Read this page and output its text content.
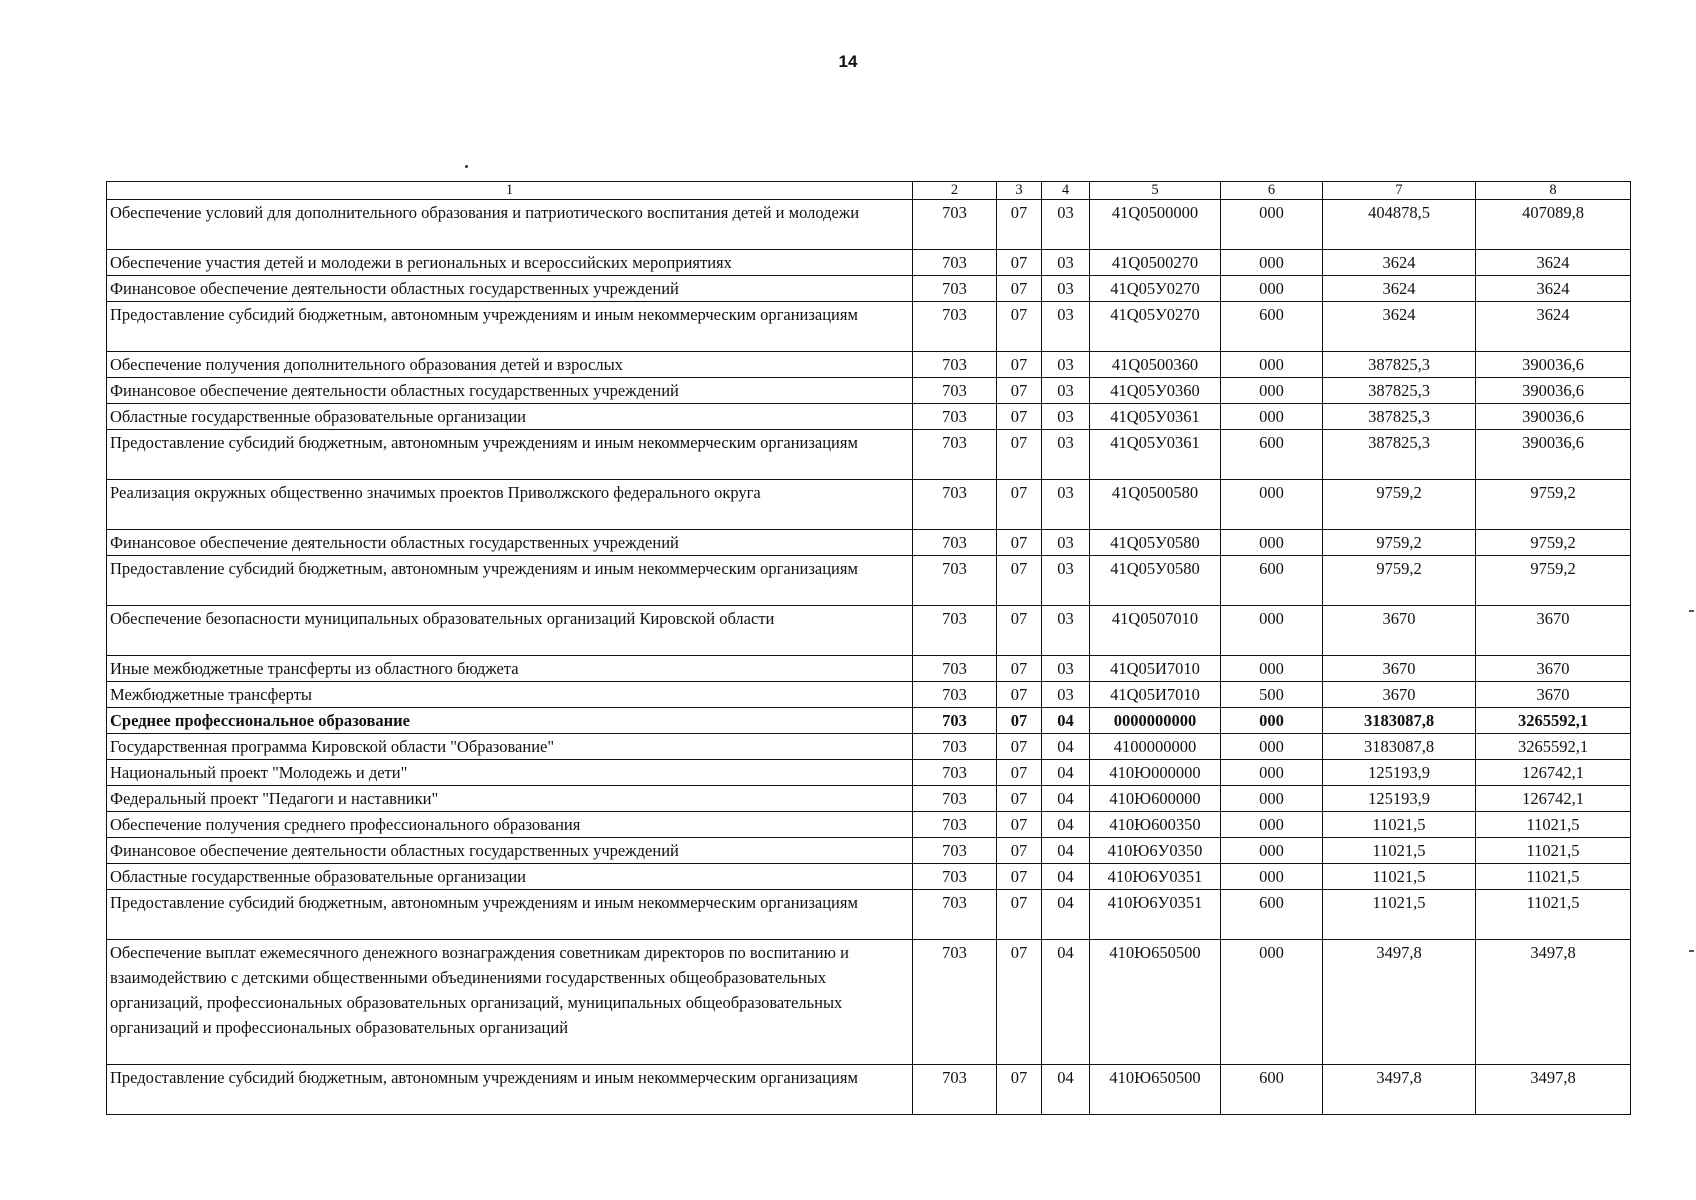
14
1	2	3	4	5	6	7	8
Обеспечение условий для дополнительного образования и патриотического воспитания детей и молодежи	703	07	03	41Q0500000	000	404878,5	407089,8
Обеспечение участия детей и молодежи в региональных и всероссийских мероприятиях	703	07	03	41Q0500270	000	3624	3624
Финансовое обеспечение деятельности областных государственных учреждений	703	07	03	41Q05У0270	000	3624	3624
Предоставление субсидий бюджетным, автономным учреждениям и иным некоммерческим организациям	703	07	03	41Q05У0270	600	3624	3624
Обеспечение получения дополнительного образования детей и взрослых	703	07	03	41Q0500360	000	387825,3	390036,6
Финансовое обеспечение деятельности областных государственных учреждений	703	07	03	41Q05У0360	000	387825,3	390036,6
Областные государственные образовательные организации	703	07	03	41Q05У0361	000	387825,3	390036,6
Предоставление субсидий бюджетным, автономным учреждениям и иным некоммерческим организациям	703	07	03	41Q05У0361	600	387825,3	390036,6
Реализация окружных общественно значимых проектов Приволжского федерального округа	703	07	03	41Q0500580	000	9759,2	9759,2
Финансовое обеспечение деятельности областных государственных учреждений	703	07	03	41Q05У0580	000	9759,2	9759,2
Предоставление субсидий бюджетным, автономным учреждениям и иным некоммерческим организациям	703	07	03	41Q05У0580	600	9759,2	9759,2
Обеспечение безопасности муниципальных образовательных организаций Кировской области	703	07	03	41Q0507010	000	3670	3670
Иные межбюджетные трансферты из областного бюджета	703	07	03	41Q05И7010	000	3670	3670
Межбюджетные трансферты	703	07	03	41Q05И7010	500	3670	3670
Среднее профессиональное образование	703	07	04	0000000000	000	3183087,8	3265592,1
Государственная программа Кировской области "Образование"	703	07	04	4100000000	000	3183087,8	3265592,1
Национальный проект "Молодежь и дети"	703	07	04	410Ю000000	000	125193,9	126742,1
Федеральный проект "Педагоги и наставники"	703	07	04	410Ю600000	000	125193,9	126742,1
Обеспечение получения среднего профессионального образования	703	07	04	410Ю600350	000	11021,5	11021,5
Финансовое обеспечение деятельности областных государственных учреждений	703	07	04	410Ю6У0350	000	11021,5	11021,5
Областные государственные образовательные организации	703	07	04	410Ю6У0351	000	11021,5	11021,5
Предоставление субсидий бюджетным, автономным учреждениям и иным некоммерческим организациям	703	07	04	410Ю6У0351	600	11021,5	11021,5
Обеспечение выплат ежемесячного денежного вознаграждения советникам директоров по воспитанию и взаимодействию с детскими общественными объединениями государственных общеобразовательных организаций, профессиональных образовательных организаций, муниципальных общеобразовательных организаций и профессиональных образовательных организаций	703	07	04	410Ю650500	000	3497,8	3497,8
Предоставление субсидий бюджетным, автономным учреждениям и иным некоммерческим организациям	703	07	04	410Ю650500	600	3497,8	3497,8
